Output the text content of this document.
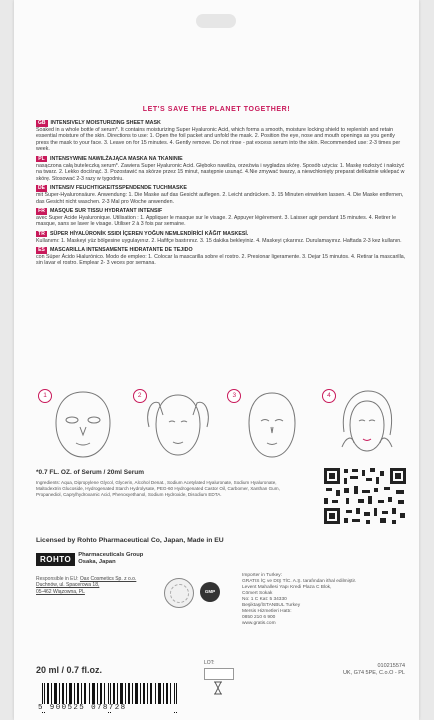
LET'S SAVE THE PLANET TOGETHER!
GB INTENSIVELY MOISTURIZING SHEET MASK
Soaked in a whole bottle of serum*. It contains moisturizing Super Hyaluronic Acid, which forms a smooth, moisture locking shield to replenish and retain essential moisture of the skin. Directions to use: 1. Open the foil packet and unfold the mask. 2. Position the eye, nose and mouth openings as you gently press the mask to your face. 3. Leave on for 15 minutes. 4. Gently remove. Do not rinse - pat excess serum into the skin. Recommended use: 2-3 times per week.
PL	INTENSYWNIE NAWILŻAJĄCA MASKA NA TKANINIE
nasączona całą buteleczką serum*. Zawiera Super Hyaluronic Acid. Głęboko nawilża, orzeźwia i wygładza skórę. Sposób użycia: 1. Maskę rozłożyć i nałożyć na twarz. 2. Lekko dociśnąć. 3. Pozostawić na skórze przez 15 minut, następnie usunąć. 4.Nie zmywać twarzy, a niewchłonięty preparat delikatnie wklepać w skórę. Stosować 2-3 razy w tygodniu.
DE INTENSIV FEUCHTIGKEITSSPENDENDE TUCHMASKE
mit Super-Hyaluronsäure. Anwendung: 1. Die Maske auf das Gesicht auflegen. 2. Leicht andrücken. 3. 15 Minuten einwirken lassen. 4. Die Maske entfernen, das Gesicht nicht waschen. 2-3 Mal pro Woche anwenden.
FR MASQUE SUR TISSU HYDRATANT INTENSIF
avec Super Acide Hyaluronique. Utilisation : 1. Appliquer le masque sur le visage. 2. Appuyer légèrement. 3. Laisser agir pendant 15 minutes. 4. Retirer le masque, sans se laver le visage. Utiliser 2 à 3 fois par semaine.
TR SÜPER HİYALÜRONİK SSIDI İÇEREN YOĞUN NEMLENDİRİCİ KÂĞIT MASKESİ.
Kullanımı: 1. Maskeyi yüz bölgesine uygulayınız. 2. Hafifçe bastırınız. 3. 15 dakika bekleyiniz. 4. Maskeyi çıkarınız. Durulamayınız. Haftada 2-3 kez kullanın.
ES MASCARILLA INTENSAMENTE HIDRATANTE DE TEJIDO
con Súper Ácido Hialurónico. Modo de empleo: 1. Colocar la mascarilla sobre el rostro. 2. Presionar ligeramente. 3. Dejar 15 minutos. 4. Retirar la mascarilla, sin lavar el rostro. Emplear 2- 3 veces por semana.
1	2	3	4
*0.7 FL. OZ. of Serum / 20ml Serum
Ingredients: Aqua, Dipropylene Glycol, Glycerin, Alcohol Denat., Sodium Acetylated Hyaluronate, Sodium Hyaluronate, Maltodextrin Glucoside, Hydrogenated Starch Hydrolysate, PEG-60 Hydrogenated Castor Oil, Carbomer, Xanthan Gum, Propanediol, Caprylhydroxamic Acid, Phenoxyethanol, Sodium Hydroxide, Disodium EDTA.
Licensed by Rohto Pharmaceutical Co, Japan, Made in EU
ROHTO	Pharmaceuticals Group
Osaka, Japan
Responsible in EU: Oax Cosmetics Sp. z o.o.
Duchnów, ul. Spacerowa 18,
05-462 Wiązowna, PL	GMP
Importer in Turkey:
GRATIS İÇ ve DIŞ TİC. A.Ş. tarafından ithal edilmiştir.
Levent Mahallesi Yapı Kredi Plaza C Blok,
Cömert Sokak
No: 1 C Kat: 5 34330
Beşiktaş/İSTANBUL Turkey
Mersis Hizmetleri Hattı:
0850 210 6 900
www.gratis.com
010215574
UK, G74 5PE, C.o.O - PL
20 ml / 0.7 fl.oz.
LOT:
5 900525 078728
